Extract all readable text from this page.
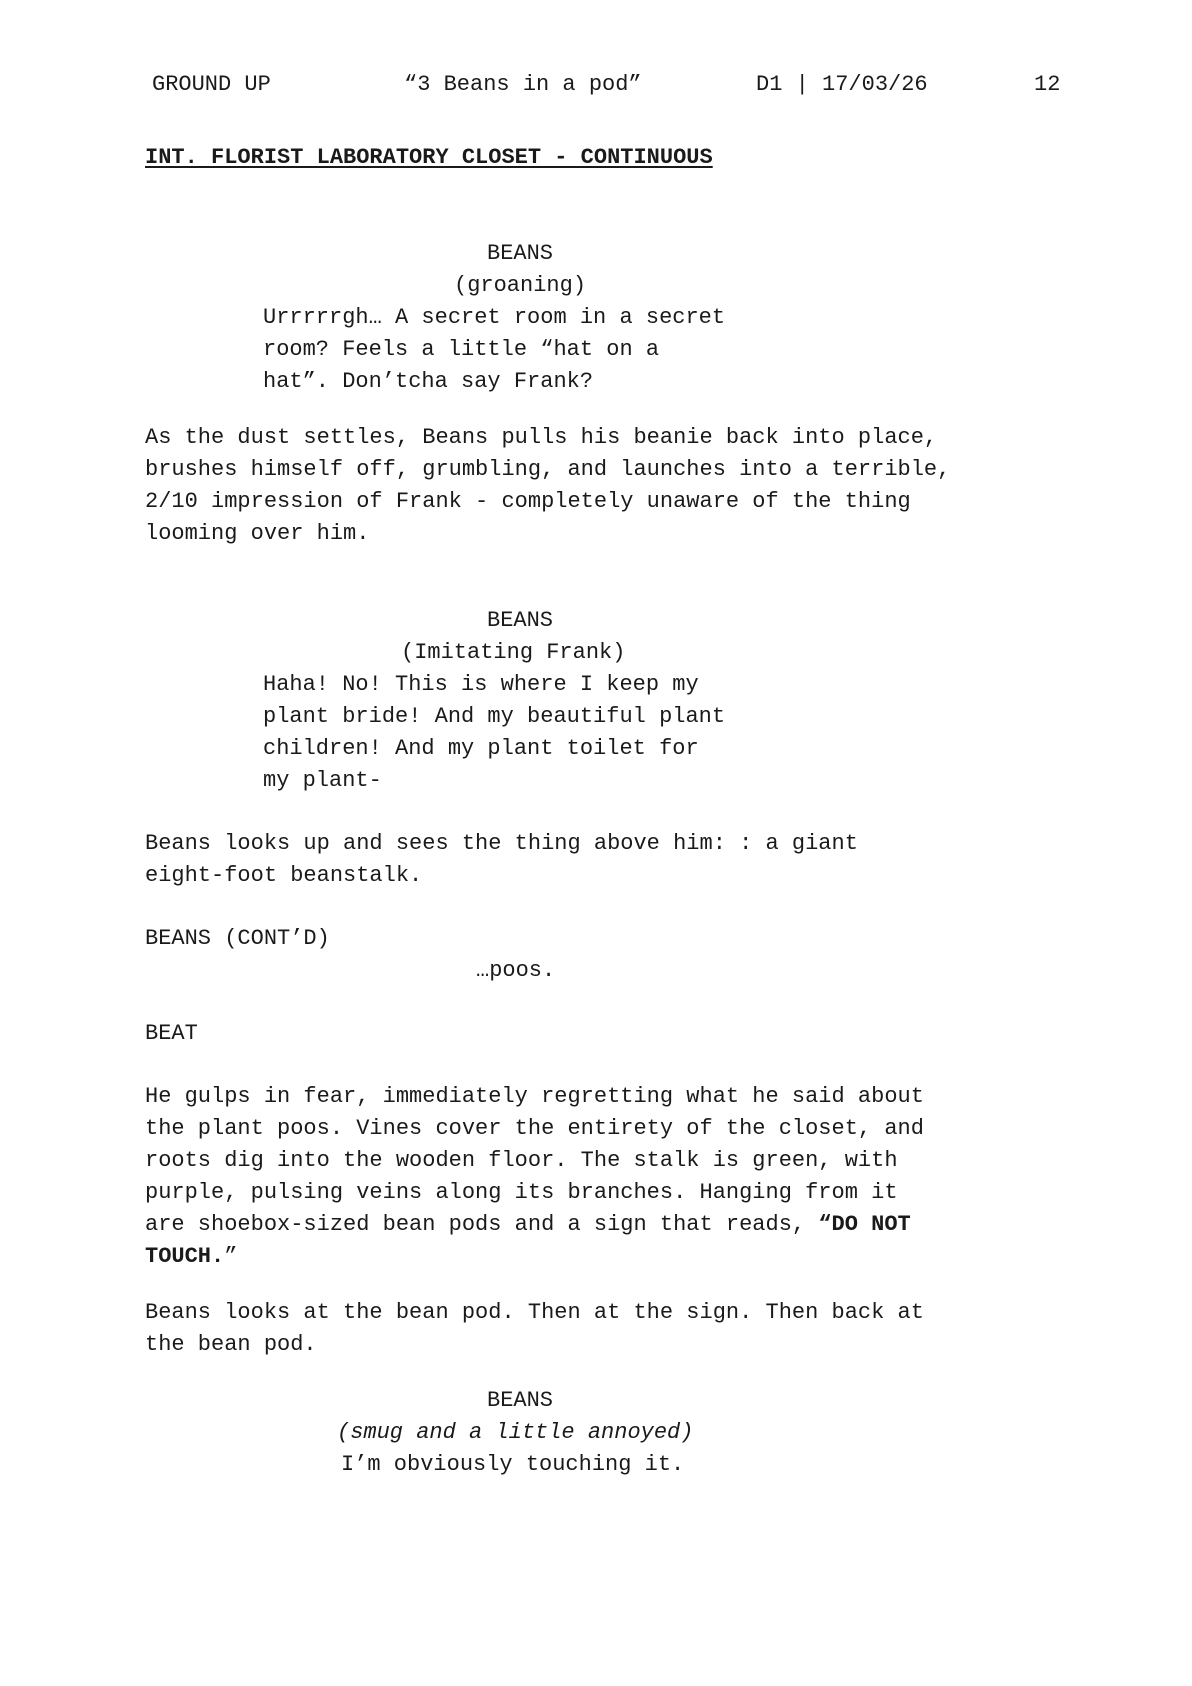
GROUND UP	“3 Beans in a pod”	D1 | 17/03/26	12
INT. FLORIST LABORATORY CLOSET - CONTINUOUS
BEANS
(groaning)
Urrrrrgh… A secret room in a secret
room? Feels a little “hat on a
hat”. Don’tcha say Frank?
As the dust settles, Beans pulls his beanie back into place,
brushes himself off, grumbling, and launches into a terrible,
2/10 impression of Frank - completely unaware of the thing
looming over him.
BEANS
(Imitating Frank)
Haha! No! This is where I keep my
plant bride! And my beautiful plant
children! And my plant toilet for
my plant-
Beans looks up and sees the thing above him: : a giant
eight-foot beanstalk.
BEANS (CONT’D)
…poos.
BEAT
He gulps in fear, immediately regretting what he said about
the plant poos. Vines cover the entirety of the closet, and
roots dig into the wooden floor. The stalk is green, with
purple, pulsing veins along its branches. Hanging from it
are shoebox-sized bean pods and a sign that reads, “DO NOT
TOUCH.”
Beans looks at the bean pod. Then at the sign. Then back at
the bean pod.
BEANS
(smug and a little annoyed)
I’m obviously touching it.
